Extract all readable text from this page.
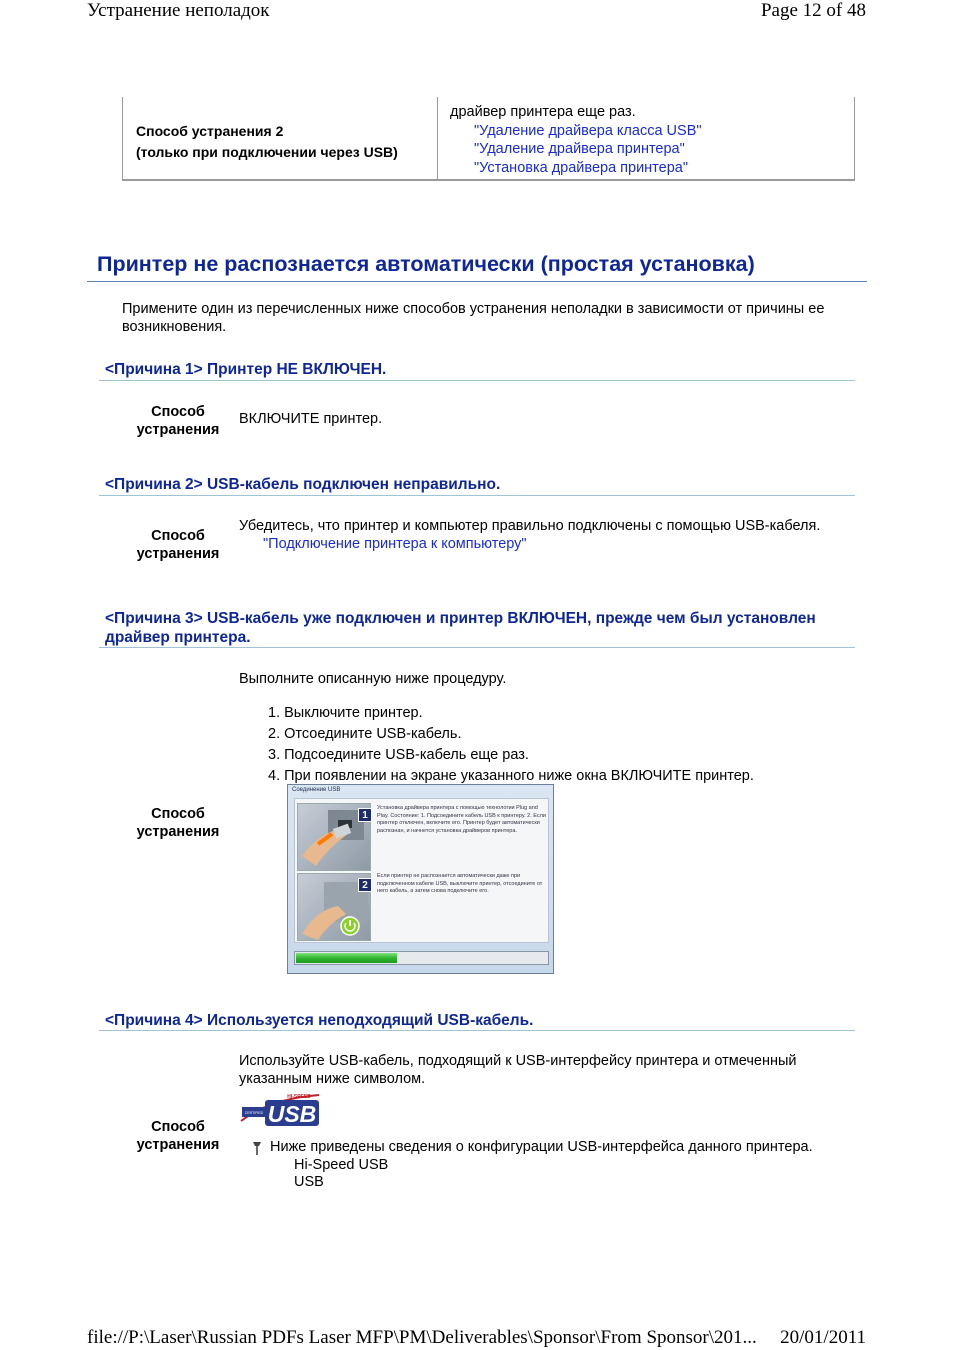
Устранение неполадок	Page 12 of 48
Способ устранения 2
(только при подключении через USB)
драйвер принтера еще раз.
"Удаление драйвера класса USB"
"Удаление драйвера принтера"
"Установка драйвера принтера"
Принтер не распознается автоматически (простая установка)
Примените один из перечисленных ниже способов устранения неполадки в зависимости от причины ее возникновения.
<Причина 1> Принтер НЕ ВКЛЮЧЕН.
Способ устранения
ВКЛЮЧИТЕ принтер.
<Причина 2> USB-кабель подключен неправильно.
Способ устранения
Убедитесь, что принтер и компьютер правильно подключены с помощью USB-кабеля.
"Подключение принтера к компьютеру"
<Причина 3> USB-кабель уже подключен и принтер ВКЛЮЧЕН, прежде чем был установлен драйвер принтера.
Выполните описанную ниже процедуру.
1. Выключите принтер.
2. Отсоедините USB-кабель.
3. Подсоедините USB-кабель еще раз.
4. При появлении на экране указанного ниже окна ВКЛЮЧИТЕ принтер.
Способ устранения
Соединение USB
1
2
Установка драйвера принтера с помощью технологии Plug and Play. Состояние: 1. Подсоедините кабель USB к принтеру. 2. Если принтер отключен, включите его. Принтер будет автоматически распознан, и начнется установка драйверов принтера.
Если принтер не распознается автоматически даже при подключенном кабеле USB, выключите принтер, отсоедините от него кабель, а затем снова подключите его.
<Причина 4> Используется неподходящий USB-кабель.
Используйте USB-кабель, подходящий к USB-интерфейсу принтера и отмеченный указанным ниже символом.
Способ устранения
USB
HI-SPEED
CERTIFIED
Ниже приведены сведения о конфигурации USB-интерфейса данного принтера.
Hi-Speed USB
USB
file://P:\Laser\Russian PDFs Laser MFP\PM\Deliverables\Sponsor\From Sponsor\201... 20/01/2011
